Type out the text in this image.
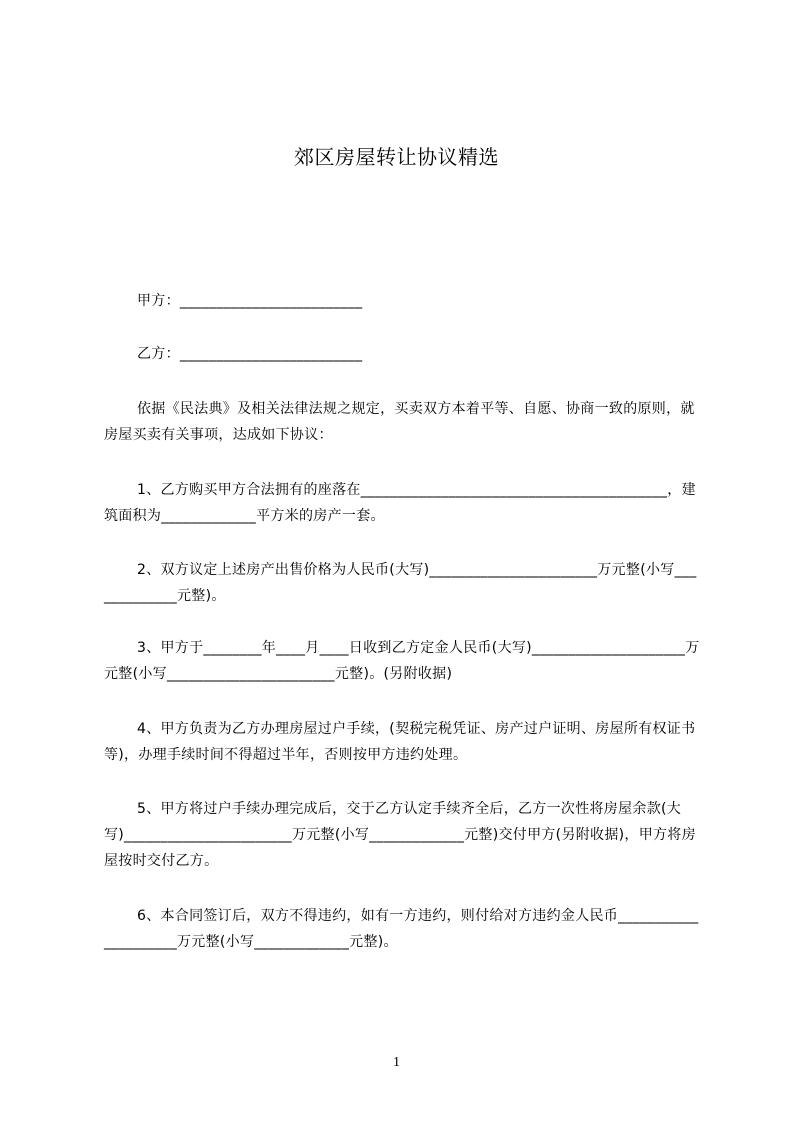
郊区房屋转让协议精选
甲方：_________________________
乙方：_________________________
依据《民法典》及相关法律法规之规定，买卖双方本着平等、自愿、协商一致的原则，就房屋买卖有关事项，达成如下协议：
1、乙方购买甲方合法拥有的座落在__________________________________________，建筑面积为_____________平方米的房产一套。
2、双方议定上述房产出售价格为人民币(大写)_______________________万元整(小写_____________元整)。
3、甲方于________年____月____日收到乙方定金人民币(大写)_____________________万元整(小写_______________________元整)。(另附收据)
4、甲方负责为乙方办理房屋过户手续，(契税完税凭证、房产过户证明、房屋所有权证书等)，办理手续时间不得超过半年，否则按甲方违约处理。
5、甲方将过户手续办理完成后，交于乙方认定手续齐全后，乙方一次性将房屋余款(大写)_______________________万元整(小写_____________元整)交付甲方(另附收据)，甲方将房屋按时交付乙方。
6、本合同签订后，双方不得违约，如有一方违约，则付给对方违约金人民币_____________________万元整(小写_____________元整)。
1
